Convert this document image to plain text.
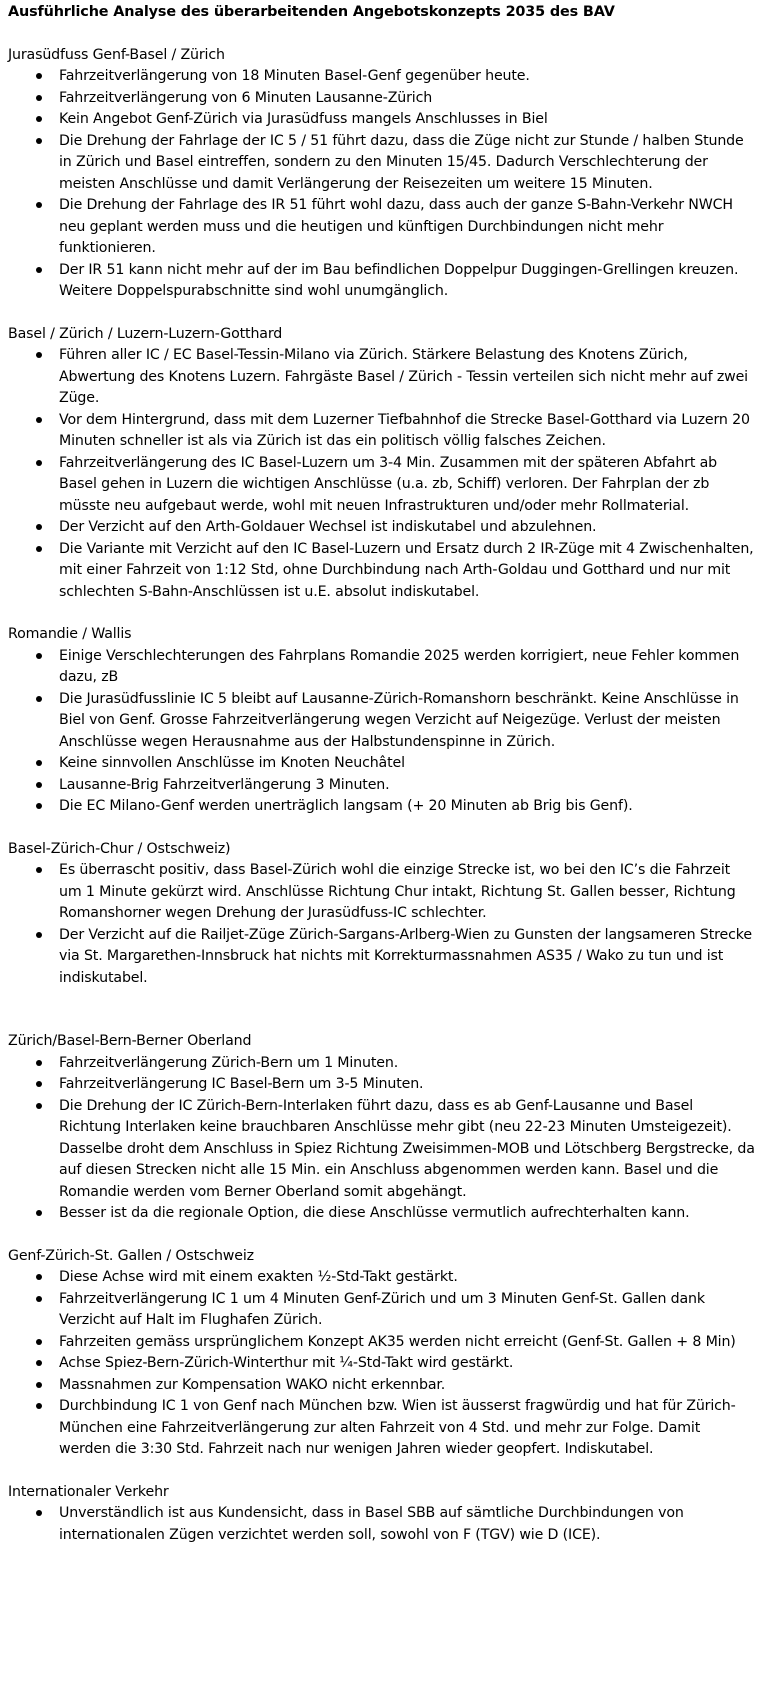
Ausführliche Analyse des überarbeitenden Angebotskonzepts 2035 des BAV
Jurasüdfuss Genf-Basel / Zürich
Fahrzeitverlängerung von 18 Minuten Basel-Genf gegenüber heute.
Fahrzeitverlängerung von 6 Minuten Lausanne-Zürich
Kein Angebot Genf-Zürich via Jurasüdfuss mangels Anschlusses in Biel
Die Drehung der Fahrlage der IC 5 / 51 führt dazu, dass die Züge nicht zur Stunde / halben Stunde in Zürich und Basel eintreffen, sondern zu den Minuten 15/45. Dadurch Verschlechterung der meisten Anschlüsse und damit Verlängerung der Reisezeiten um weitere 15 Minuten.
Die Drehung der Fahrlage des IR 51 führt wohl dazu, dass auch der ganze S-Bahn-Verkehr NWCH neu geplant werden muss und die heutigen und künftigen Durchbindungen nicht mehr funktionieren.
Der IR 51 kann nicht mehr auf der im Bau befindlichen Doppelpur Duggingen-Grellingen kreuzen. Weitere Doppelspurabschnitte sind wohl unumgänglich.
Basel / Zürich / Luzern-Luzern-Gotthard
Führen aller IC / EC Basel-Tessin-Milano via Zürich. Stärkere Belastung des Knotens Zürich, Abwertung des Knotens Luzern. Fahrgäste Basel / Zürich - Tessin verteilen sich nicht mehr auf zwei Züge.
Vor dem Hintergrund, dass mit dem Luzerner Tiefbahnhof die Strecke Basel-Gotthard via Luzern 20 Minuten schneller ist als via Zürich ist das ein politisch völlig falsches Zeichen.
Fahrzeitverlängerung des IC Basel-Luzern um 3-4 Min. Zusammen mit der späteren Abfahrt ab Basel gehen in Luzern die wichtigen Anschlüsse (u.a. zb, Schiff) verloren. Der Fahrplan der zb müsste neu aufgebaut werde, wohl mit neuen Infrastrukturen und/oder mehr Rollmaterial.
Der Verzicht auf den Arth-Goldauer Wechsel ist indiskutabel und abzulehnen.
Die Variante mit Verzicht auf den IC Basel-Luzern und Ersatz durch 2 IR-Züge mit 4 Zwischenhalten, mit einer Fahrzeit von 1:12 Std, ohne Durchbindung nach Arth-Goldau und Gotthard und nur mit schlechten S-Bahn-Anschlüssen ist u.E. absolut indiskutabel.
Romandie / Wallis
Einige Verschlechterungen des Fahrplans Romandie 2025 werden korrigiert, neue Fehler kommen dazu, zB
Die Jurasüdfusslinie IC 5 bleibt auf Lausanne-Zürich-Romanshorn beschränkt. Keine Anschlüsse in Biel von Genf. Grosse Fahrzeitverlängerung wegen Verzicht auf Neigezüge. Verlust der meisten Anschlüsse wegen Herausnahme aus der Halbstundenspinne in Zürich.
Keine sinnvollen Anschlüsse im Knoten Neuchâtel
Lausanne-Brig Fahrzeitverlängerung 3 Minuten.
Die EC Milano-Genf werden unerträglich langsam (+ 20 Minuten ab Brig bis Genf).
Basel-Zürich-Chur / Ostschweiz)
Es überrascht positiv, dass Basel-Zürich wohl die einzige Strecke ist, wo bei den IC’s die Fahrzeit um 1 Minute gekürzt wird. Anschlüsse Richtung Chur intakt, Richtung St. Gallen besser, Richtung Romanshorner wegen Drehung der Jurasüdfuss-IC schlechter.
Der Verzicht auf die Railjet-Züge Zürich-Sargans-Arlberg-Wien zu Gunsten der langsameren Strecke via St. Margarethen-Innsbruck hat nichts mit Korrekturmassnahmen AS35 / Wako zu tun und ist indiskutabel.
Zürich/Basel-Bern-Berner Oberland
Fahrzeitverlängerung Zürich-Bern um 1 Minuten.
Fahrzeitverlängerung IC Basel-Bern um 3-5 Minuten.
Die Drehung der IC Zürich-Bern-Interlaken führt dazu, dass es ab Genf-Lausanne und Basel Richtung Interlaken keine brauchbaren Anschlüsse mehr gibt (neu 22-23 Minuten Umsteigezeit). Dasselbe droht dem Anschluss in Spiez Richtung Zweisimmen-MOB und Lötschberg Bergstrecke, da auf diesen Strecken nicht alle 15 Min. ein Anschluss abgenommen werden kann. Basel und die Romandie werden vom Berner Oberland somit abgehängt.
Besser ist da die regionale Option, die diese Anschlüsse vermutlich aufrechterhalten kann.
Genf-Zürich-St. Gallen / Ostschweiz
Diese Achse wird mit einem exakten ½-Std-Takt gestärkt.
Fahrzeitverlängerung IC 1 um 4 Minuten Genf-Zürich und um 3 Minuten Genf-St. Gallen dank Verzicht auf Halt im Flughafen Zürich.
Fahrzeiten gemäss ursprünglichem Konzept AK35 werden nicht erreicht (Genf-St. Gallen + 8 Min)
Achse Spiez-Bern-Zürich-Winterthur mit ¼-Std-Takt wird gestärkt.
Massnahmen zur Kompensation WAKO nicht erkennbar.
Durchbindung IC 1 von Genf nach München bzw. Wien ist äusserst fragwürdig und hat für Zürich-München eine Fahrzeitverlängerung zur alten Fahrzeit von 4 Std. und mehr zur Folge. Damit werden die 3:30 Std. Fahrzeit nach nur wenigen Jahren wieder geopfert. Indiskutabel.
Internationaler Verkehr
Unverständlich ist aus Kundensicht, dass in Basel SBB auf sämtliche Durchbindungen von internationalen Zügen verzichtet werden soll, sowohl von F (TGV) wie D (ICE).
